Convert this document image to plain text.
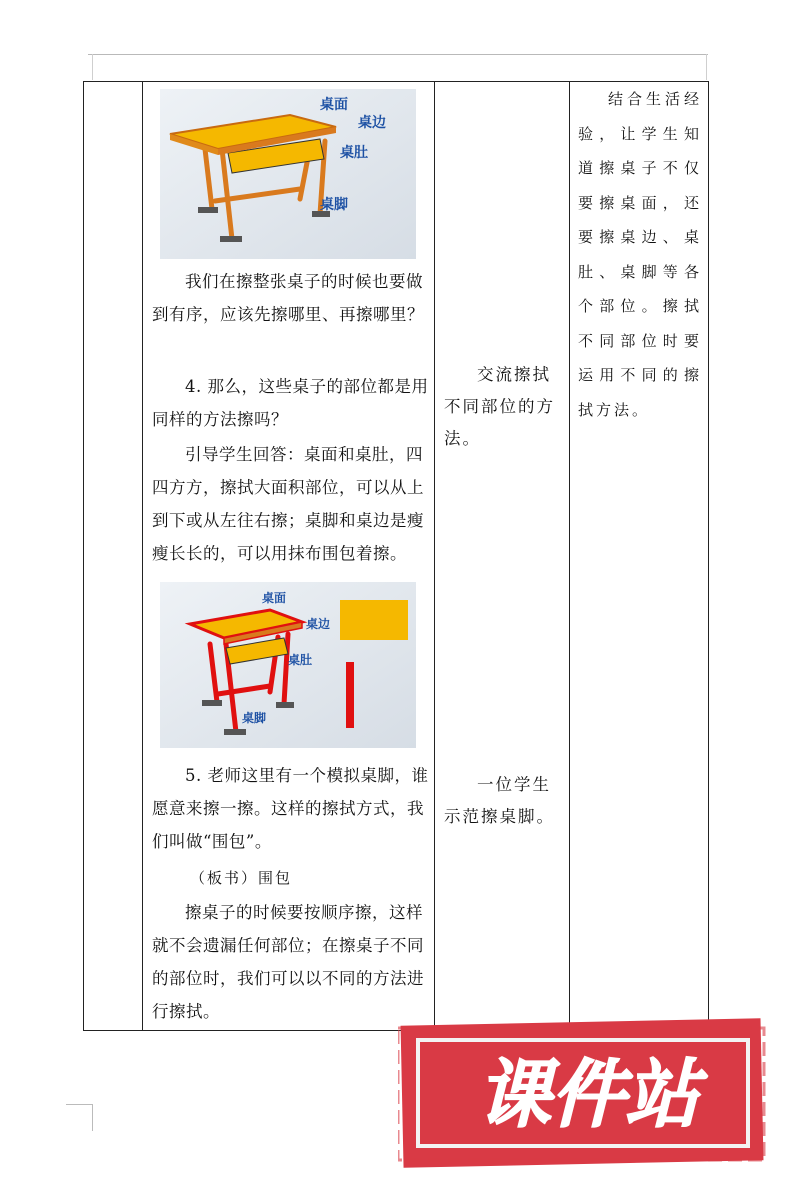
桌面
桌边
桌肚
桌脚

我们在擦整张桌子的时候也要做到有序，应该先擦哪里、再擦哪里？

4. 那么，这些桌子的部位都是用同样的方法擦吗？

引导学生回答：桌面和桌肚，四四方方，擦拭大面积部位，可以从上到下或从左往右擦；桌脚和桌边是瘦瘦长长的，可以用抹布围包着擦。

桌面
桌边
桌肚
桌脚

5. 老师这里有一个模拟桌脚，谁愿意来擦一擦。这样的擦拭方式，我们叫做“围包”。

（板书）围包

擦桌子的时候要按顺序擦，这样就不会遗漏任何部位；在擦桌子不同的部位时，我们可以以不同的方法进行擦拭。

交流擦拭不同部位的方法。

一位学生示范擦桌脚。

结合生活经验，让学生知道擦桌子不仅要擦桌面，还要擦桌边、桌肚、桌脚等各个部位。擦拭不同部位时要运用不同的擦拭方法。

课件站
